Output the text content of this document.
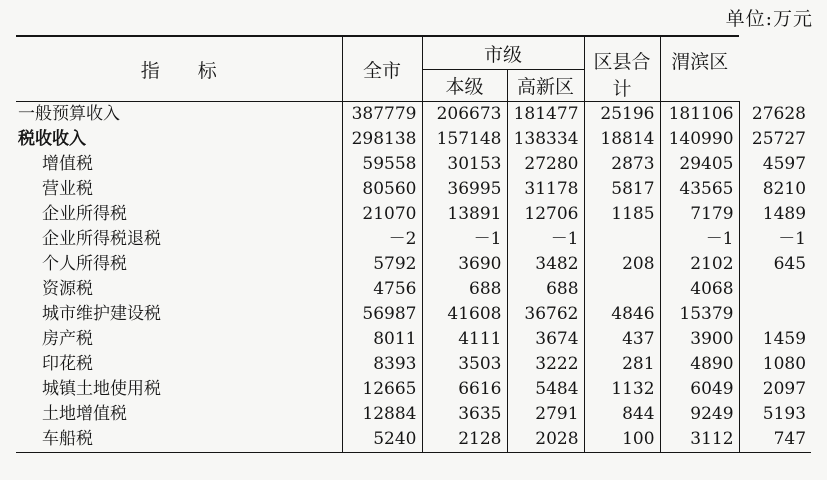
单位:万元
指　　标	全市	市级		区县合计	渭滨区	
		本级	高新区			
一般预算收入	387779	206673	181477	25196	181106	27628
税收收入	298138	157148	138334	18814	140990	25727
增值税	59558	30153	27280	2873	29405	4597
营业税	80560	36995	31178	5817	43565	8210
企业所得税	21070	13891	12706	1185	7179	1489
企业所得税退税	－2	－1	－1		－1	－1
个人所得税	5792	3690	3482	208	2102	645
资源税	4756	688	688		4068	
城市维护建设税	56987	41608	36762	4846	15379	
房产税	8011	4111	3674	437	3900	1459
印花税	8393	3503	3222	281	4890	1080
城镇土地使用税	12665	6616	5484	1132	6049	2097
土地增值税	12884	3635	2791	844	9249	5193
车船税	5240	2128	2028	100	3112	747
